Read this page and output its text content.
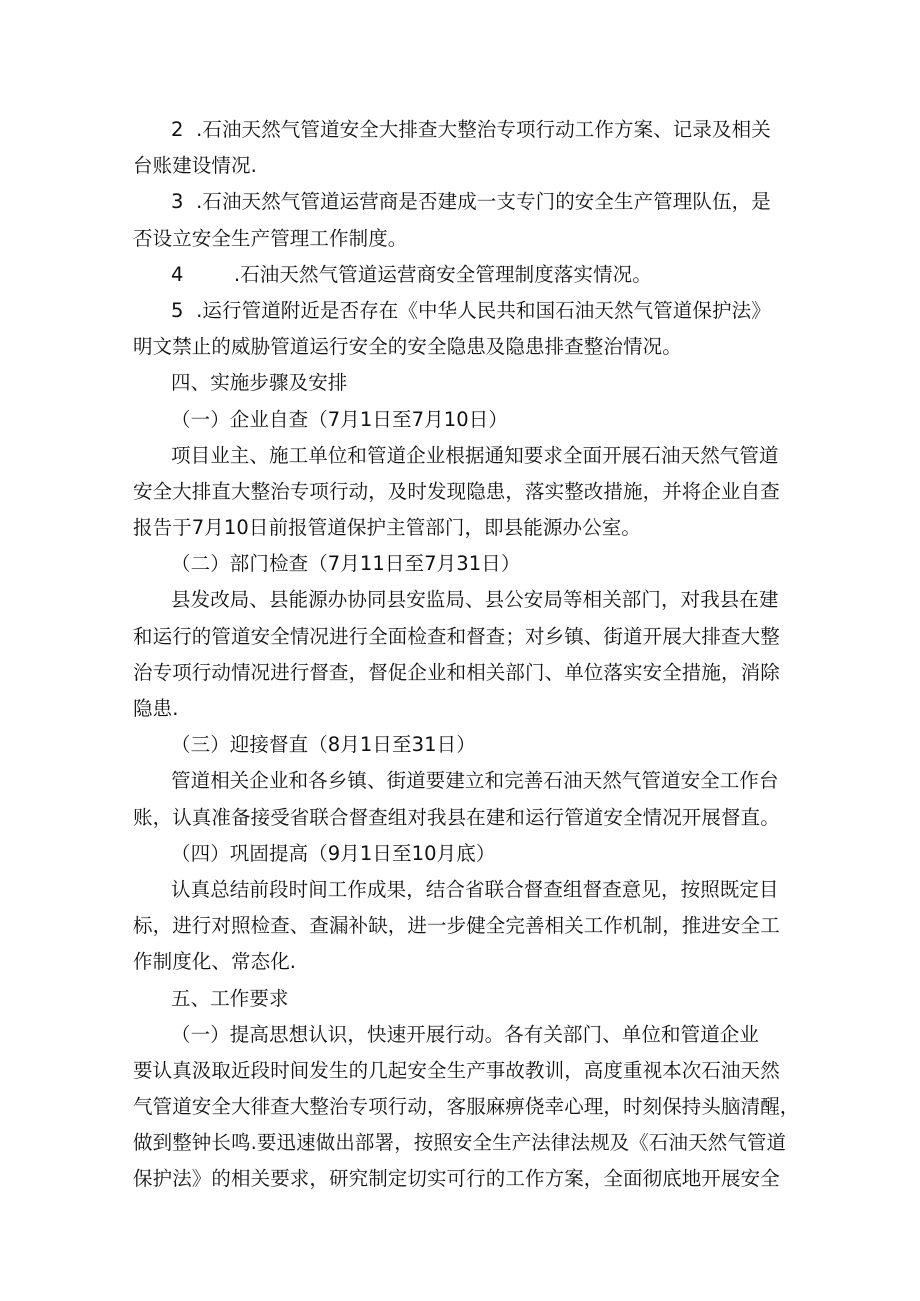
2  .石油天然气管道安全大排查大整治专项行动工作方案、记录及相关
台账建设情况.
3  .石油天然气管道运营商是否建成一支专门的安全生产管理队伍，是
否设立安全生产管理工作制度。
4        .石油天然气管道运营商安全管理制度落实情况。
5  .运行管道附近是否存在《中华人民共和国石油天然气管道保护法》
明文禁止的威胁管道运行安全的安全隐患及隐患排查整治情况。
四、实施步骤及安排
（一）企业自查（7月1日至7月10日）
项目业主、施工单位和管道企业根据通知要求全面开展石油天然气管道
安全大排直大整治专项行动，及时发现隐患，落实整改措施，并将企业自查
报告于7月10日前报管道保护主管部门，即县能源办公室。
（二）部门检查（7月11日至7月31日）
县发改局、县能源办协同县安监局、县公安局等相关部门，对我县在建
和运行的管道安全情况进行全面检查和督查；对乡镇、街道开展大排查大整
治专项行动情况进行督查，督促企业和相关部门、单位落实安全措施，消除
隐患.
（三）迎接督直（8月1日至31日）
管道相关企业和各乡镇、街道要建立和完善石油天然气管道安全工作台
账，认真准备接受省联合督查组对我县在建和运行管道安全情况开展督直。
（四）巩固提高（9月1日至10月底）
认真总结前段时间工作成果，结合省联合督查组督查意见，按照既定目
标，进行对照检查、查漏补缺，进一步健全完善相关工作机制，推进安全工
作制度化、常态化.
五、工作要求
（一）提高思想认识，快速开展行动。各有关部门、单位和管道企业
要认真汲取近段时间发生的几起安全生产事故教训，高度重视本次石油天然
气管道安全大徘查大整治专项行动，客服麻痹侥幸心理，时刻保持头脑清醒，
做到整钟长鸣.要迅速做出部署，按照安全生产法律法规及《石油天然气管道
保护法》的相关要求，研究制定切实可行的工作方案，全面彻底地开展安全
